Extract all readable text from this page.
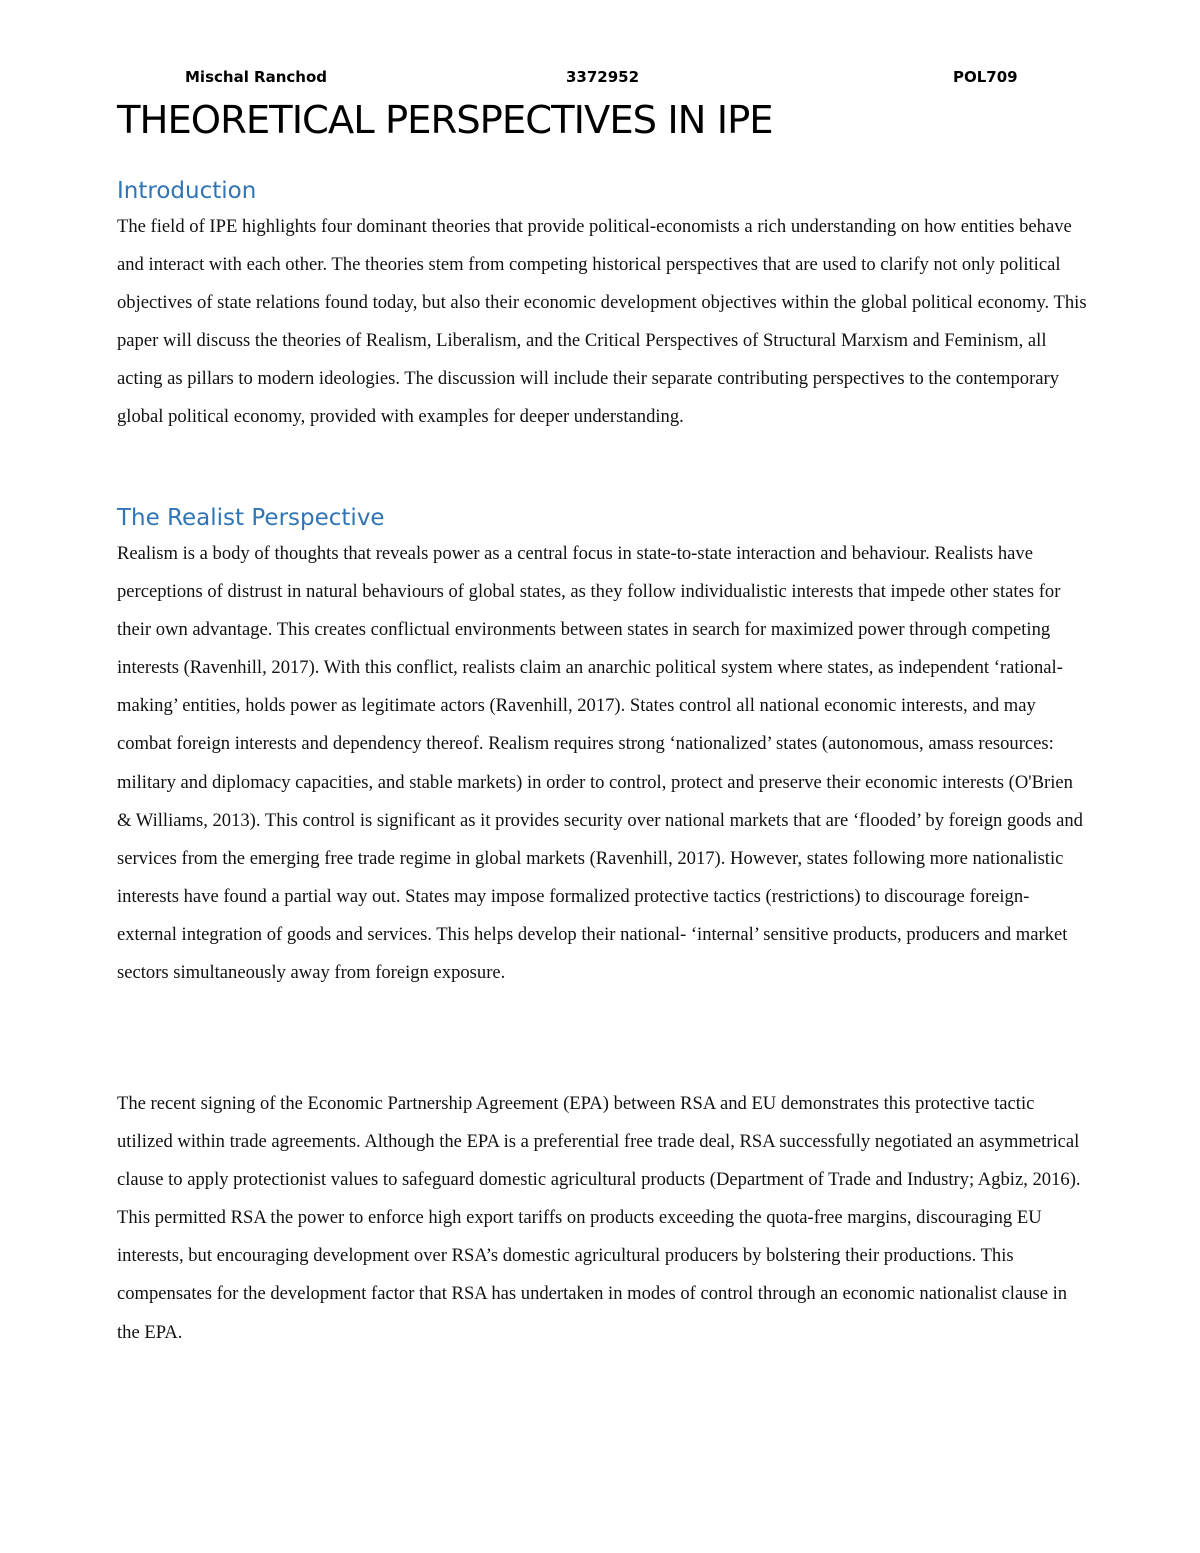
Mischal Ranchod	3372952	POL709
THEORETICAL PERSPECTIVES IN IPE
Introduction

The field of IPE highlights four dominant theories that provide political-economists a rich understanding on how entities behave and interact with each other. The theories stem from competing historical perspectives that are used to clarify not only political objectives of state relations found today, but also their economic development objectives within the global political economy. This paper will discuss the theories of Realism, Liberalism, and the Critical Perspectives of Structural Marxism and Feminism, all acting as pillars to modern ideologies. The discussion will include their separate contributing perspectives to the contemporary global political economy, provided with examples for deeper understanding.

The Realist Perspective

Realism is a body of thoughts that reveals power as a central focus in state-to-state interaction and behaviour. Realists have perceptions of distrust in natural behaviours of global states, as they follow individualistic interests that impede other states for their own advantage. This creates conflictual environments between states in search for maximized power through competing interests (Ravenhill, 2017). With this conflict, realists claim an anarchic political system where states, as independent ‘rational-making’ entities, holds power as legitimate actors (Ravenhill, 2017). States control all national economic interests, and may combat foreign interests and dependency thereof. Realism requires strong ‘nationalized’ states (autonomous, amass resources: military and diplomacy capacities, and stable markets) in order to control, protect and preserve their economic interests (O'Brien & Williams, 2013). This control is significant as it provides security over national markets that are ‘flooded’ by foreign goods and services from the emerging free trade regime in global markets (Ravenhill, 2017). However, states following more nationalistic interests have found a partial way out. States may impose formalized protective tactics (restrictions) to discourage foreign- external integration of goods and services. This helps develop their national- ‘internal’ sensitive products, producers and market sectors simultaneously away from foreign exposure.

The recent signing of the Economic Partnership Agreement (EPA) between RSA and EU demonstrates this protective tactic utilized within trade agreements. Although the EPA is a preferential free trade deal, RSA successfully negotiated an asymmetrical clause to apply protectionist values to safeguard domestic agricultural products (Department of Trade and Industry; Agbiz, 2016). This permitted RSA the power to enforce high export tariffs on products exceeding the quota-free margins, discouraging EU interests, but encouraging development over RSA’s domestic agricultural producers by bolstering their productions. This compensates for the development factor that RSA has undertaken in modes of control through an economic nationalist clause in the EPA.
